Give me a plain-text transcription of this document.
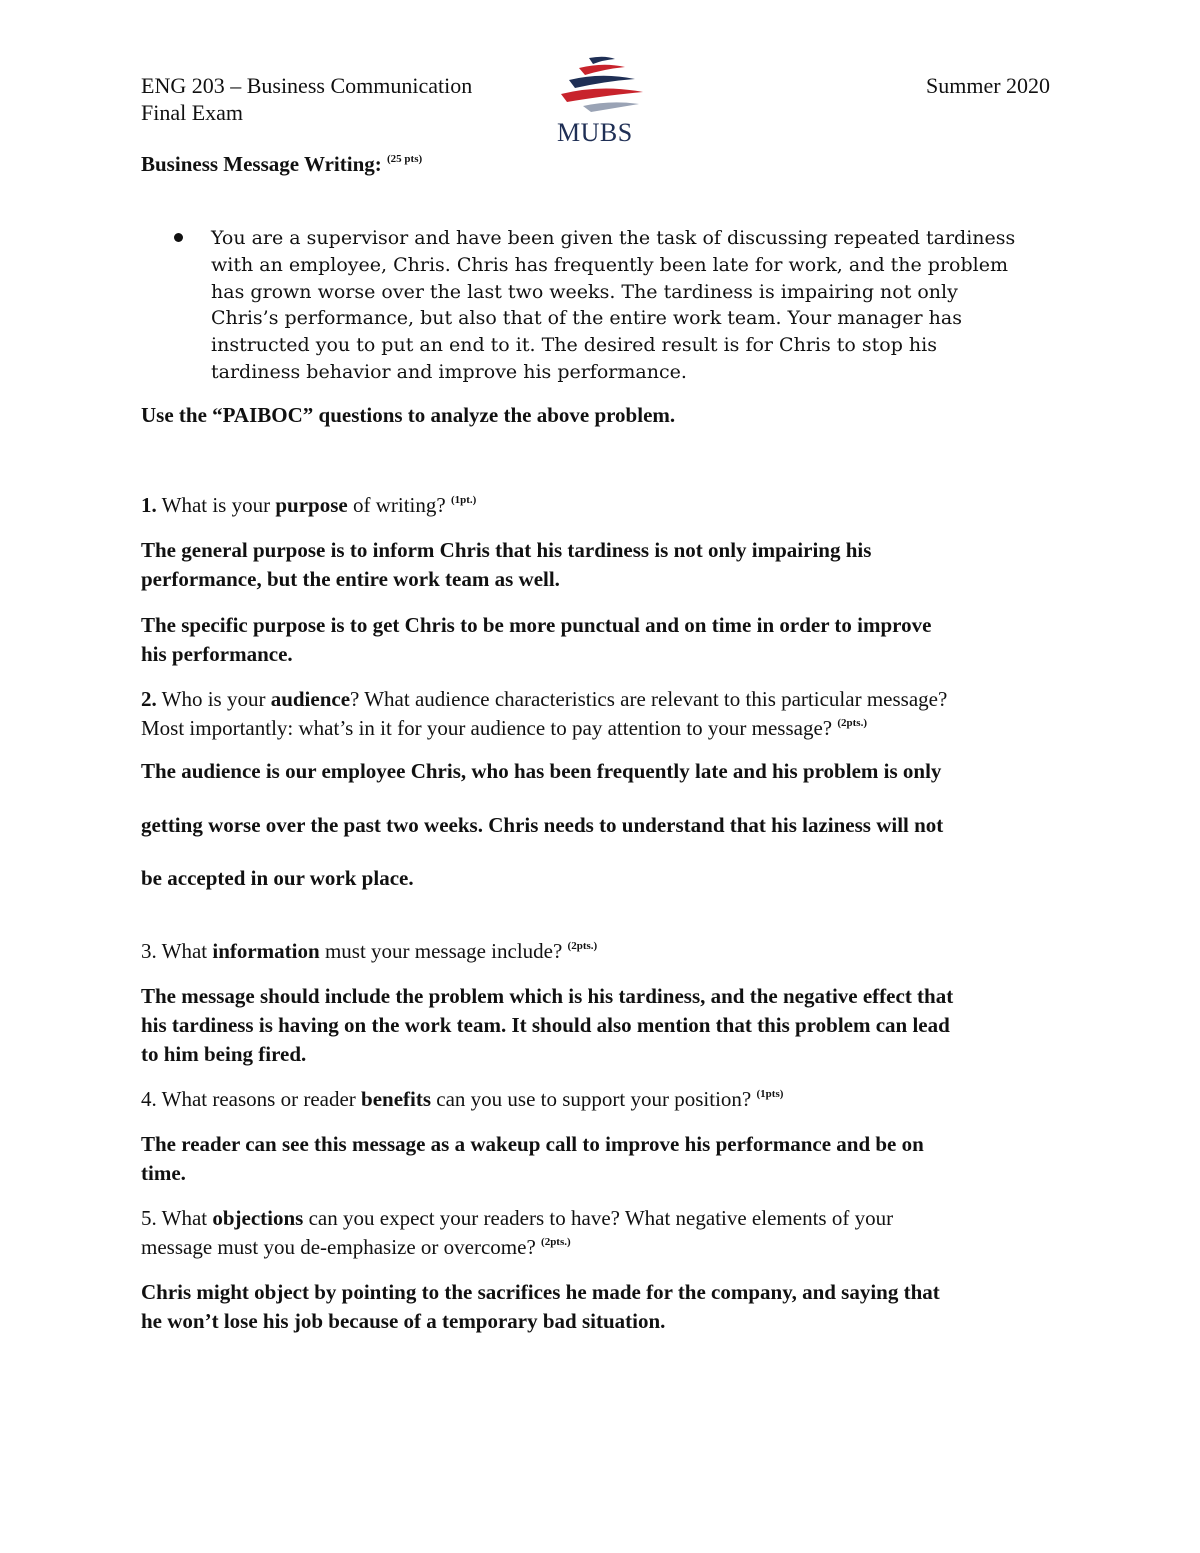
ENG 203 – Business Communication
Final Exam
Summer 2020
MUBS
Business Message Writing: $^{(25 pts)}$
You are a supervisor and have been given the task of discussing repeated tardiness
with an employee, Chris. Chris has frequently been late for work, and the problem
has grown worse over the last two weeks. The tardiness is impairing not only
Chris’s performance, but also that of the entire work team. Your manager has
instructed you to put an end to it. The desired result is for Chris to stop his
tardiness behavior and improve his performance.
Use the “PAIBOC” questions to analyze the above problem.
1. What is your purpose of writing? $^{(1pt.)}$
The general purpose is to inform Chris that his tardiness is not only impairing his
performance, but the entire work team as well.
The specific purpose is to get Chris to be more punctual and on time in order to improve
his performance.
2. Who is your audience? What audience characteristics are relevant to this particular message?
Most importantly: what’s in it for your audience to pay attention to your message? $^{(2pts.)}$
The audience is our employee Chris, who has been frequently late and his problem is only
getting worse over the past two weeks. Chris needs to understand that his laziness will not
be accepted in our work place.
3. What information must your message include? $^{(2pts.)}$
The message should include the problem which is his tardiness, and the negative effect that
his tardiness is having on the work team. It should also mention that this problem can lead
to him being fired.
4. What reasons or reader benefits can you use to support your position? $^{(1pts)}$
The reader can see this message as a wakeup call to improve his performance and be on
time.
5. What objections can you expect your readers to have? What negative elements of your
message must you de-emphasize or overcome? $^{(2pts.)}$
Chris might object by pointing to the sacrifices he made for the company, and saying that
he won’t lose his job because of a temporary bad situation.
